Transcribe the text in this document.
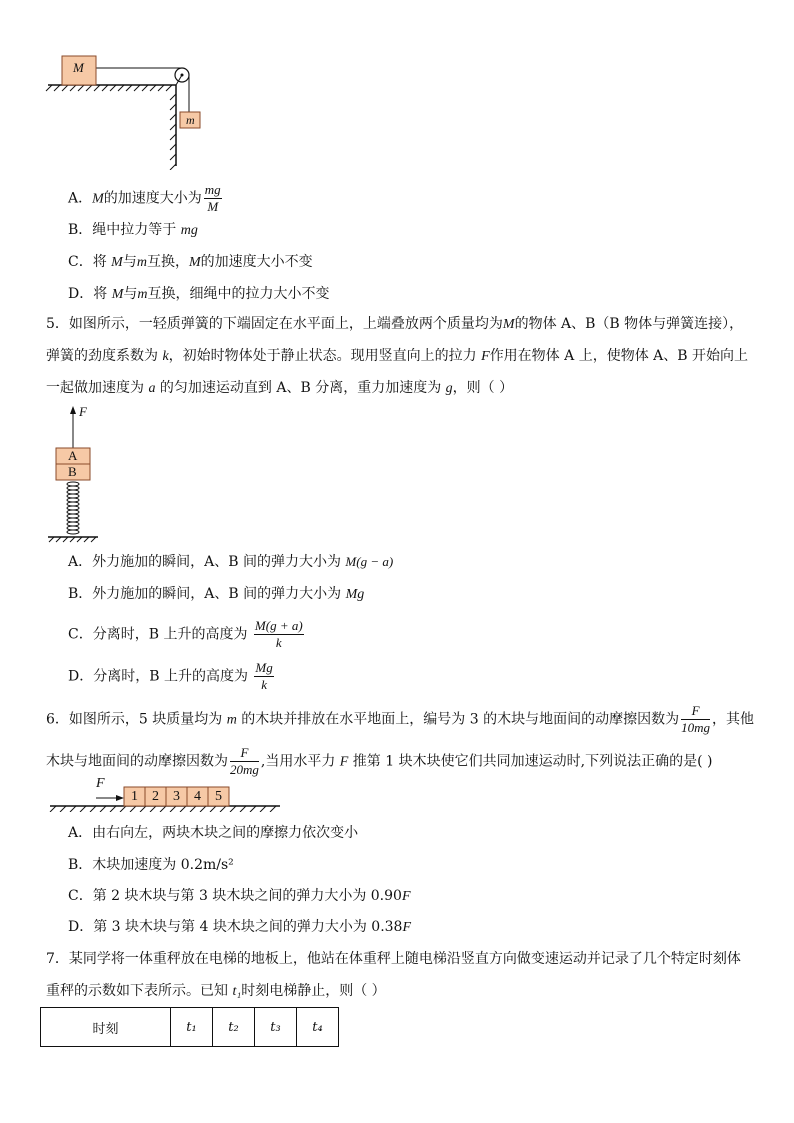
M
m
A．M的加速度大小为 $\frac{mg}{M}$
B．绳中拉力等于 mg
C．将 M与m互换，M的加速度大小不变
D．将 M与m互换，细绳中的拉力大小不变
5．如图所示，一轻质弹簧的下端固定在水平面上，上端叠放两个质量均为M的物体 A、B（B 物体与弹簧连接），
弹簧的劲度系数为 k，初始时物体处于静止状态。现用竖直向上的拉力 F作用在物体 A 上，使物体 A、B 开始向上
一起做加速度为 a 的匀加速运动直到 A、B 分离，重力加速度为 g，则（ ）
F
A
B
A．外力施加的瞬间，A、B 间的弹力大小为 M(g − a)
B．外力施加的瞬间，A、B 间的弹力大小为 Mg
C．分离时，B 上升的高度为 $\frac{M(g + a)}{k}$
D．分离时，B 上升的高度为 $\frac{Mg}{k}$
6．如图所示，5 块质量均为 m 的木块并排放在水平地面上，编号为 3 的木块与地面间的动摩擦因数为 $\frac{F}{10mg}$ ，其他
木块与地面间的动摩擦因数为 $\frac{F}{20mg}$ ,当用水平力 F 推第 1 块木块使它们共同加速运动时,下列说法正确的是( )
F
1	2	3	4	5
A．由右向左，两块木块之间的摩擦力依次变小
B．木块加速度为 0.2m/s²
C．第 2 块木块与第 3 块木块之间的弹力大小为 0.90F
D．第 3 块木块与第 4 块木块之间的弹力大小为 0.38F
7．某同学将一体重秤放在电梯的地板上，他站在体重秤上随电梯沿竖直方向做变速运动并记录了几个特定时刻体
重秤的示数如下表所示。已知 t₁时刻电梯静止，则（ ）
时刻	t₁	t₂	t₃	t₄
